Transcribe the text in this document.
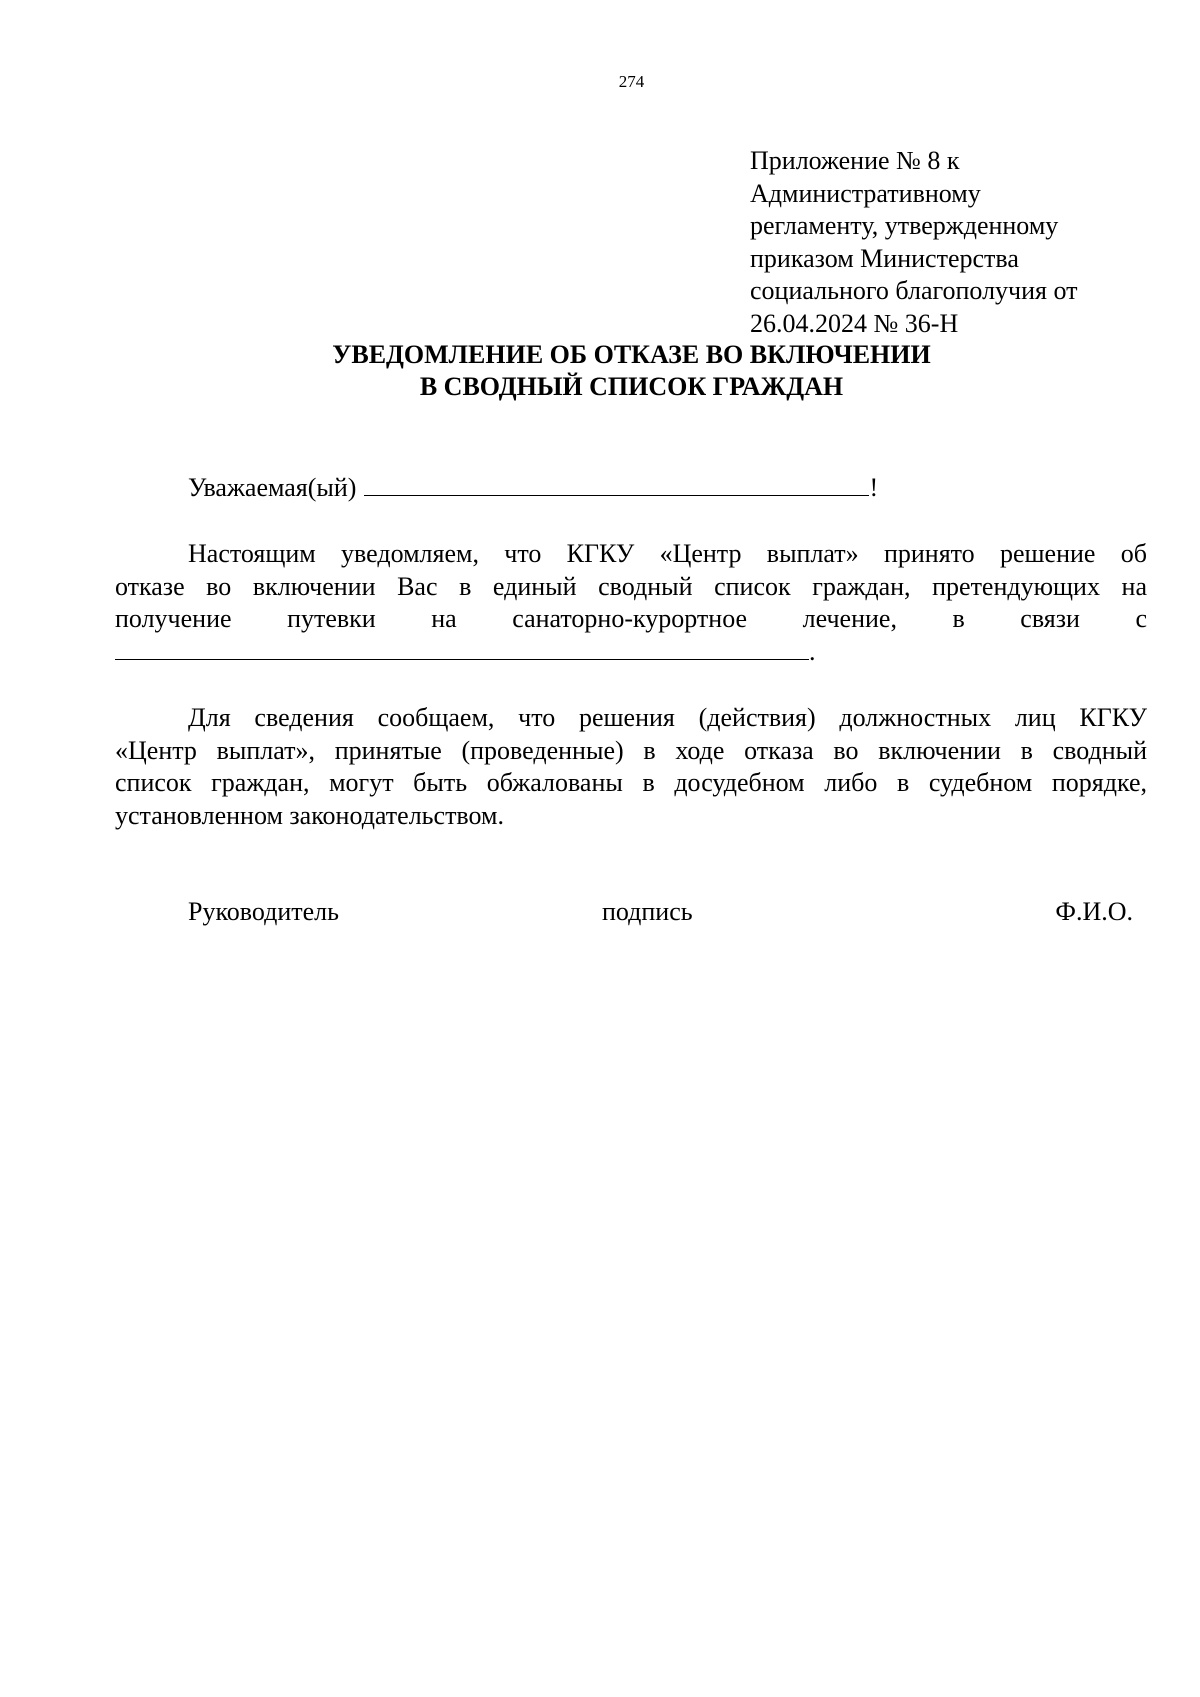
274
Приложение № 8 к
Административному
регламенту, утвержденному
приказом Министерства
социального благополучия от
26.04.2024 № 36-Н
УВЕДОМЛЕНИЕ ОБ ОТКАЗЕ ВО ВКЛЮЧЕНИИ
В СВОДНЫЙ СПИСОК ГРАЖДАН
Уважаемая(ый)	!
Настоящим уведомляем, что КГКУ «Центр выплат» принято решение об
отказе во включении Вас в единый сводный список граждан, претендующих на
получение путевки на санаторно-курортное лечение, в связи с
.
Для сведения сообщаем, что решения (действия) должностных лиц КГКУ
«Центр выплат», принятые (проведенные) в ходе отказа во включении в сводный
список граждан, могут быть обжалованы в досудебном либо в судебном порядке,
установленном законодательством.
Руководитель	подпись	Ф.И.О.
